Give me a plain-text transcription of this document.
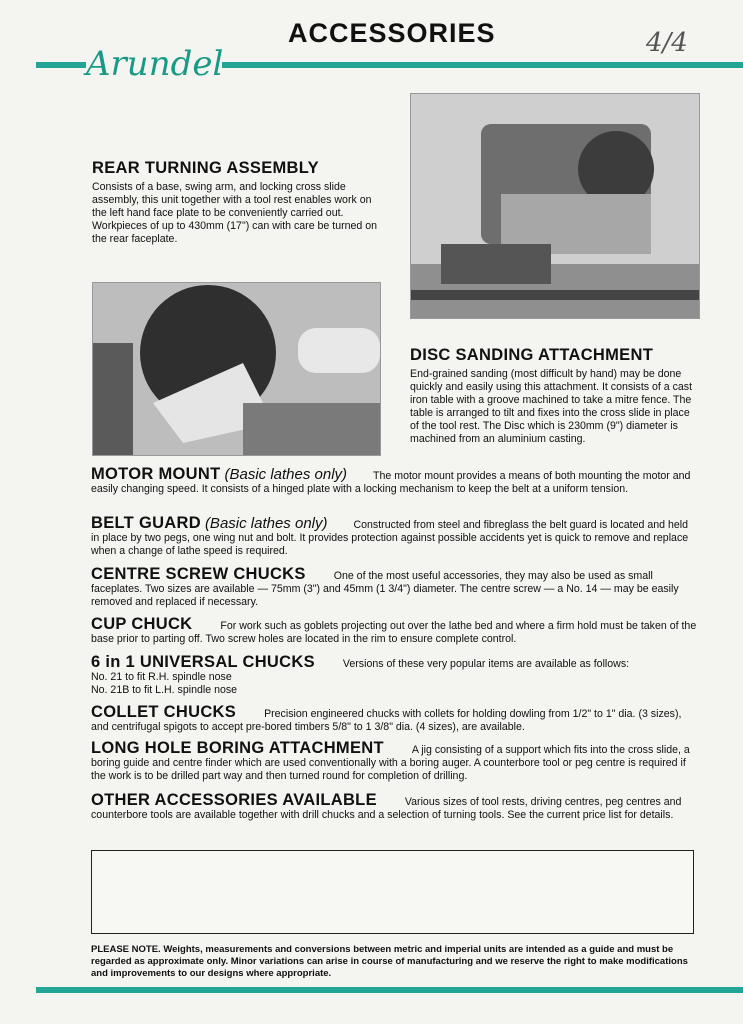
ACCESSORIES	4/4
Arundel
REAR TURNING ASSEMBLY
Consists of a base, swing arm, and locking cross slide assembly, this unit together with a tool rest enables work on the left hand face plate to be conveniently carried out. Workpieces of up to 430mm (17") can with care be turned on the rear faceplate.
DISC SANDING ATTACHMENT
End-grained sanding (most difficult by hand) may be done quickly and easily using this attachment. It consists of a cast iron table with a groove machined to take a mitre fence. The table is arranged to tilt and fixes into the cross slide in place of the tool rest. The Disc which is 230mm (9") diameter is machined from an aluminium casting.
MOTOR MOUNT (Basic lathes only) The motor mount provides a means of both mounting the motor and easily changing speed. It consists of a hinged plate with a locking mechanism to keep the belt at a uniform tension.
BELT GUARD (Basic lathes only) Constructed from steel and fibreglass the belt guard is located and held in place by two pegs, one wing nut and bolt. It provides protection against possible accidents yet is quick to remove and replace when a change of lathe speed is required.
CENTRE SCREW CHUCKS	One of the most useful accessories, they may also be used as small faceplates. Two sizes are available — 75mm (3") and 45mm (1 3/4") diameter. The centre screw — a No. 14 — may be easily removed and replaced if necessary.
CUP CHUCK	For work such as goblets projecting out over the lathe bed and where a firm hold must be taken of the base prior to parting off. Two screw holes are located in the rim to ensure complete control.
6 in 1 UNIVERSAL CHUCKS	Versions of these very popular items are available as follows:
No. 21 to fit R.H. spindle nose
No. 21B to fit L.H. spindle nose
COLLET CHUCKS	Precision engineered chucks with collets for holding dowling from 1/2" to 1" dia. (3 sizes), and centrifugal spigots to accept pre-bored timbers 5/8" to 1 3/8" dia. (4 sizes), are available.
LONG HOLE BORING ATTACHMENT	A jig consisting of a support which fits into the cross slide, a boring guide and centre finder which are used conventionally with a boring auger. A counterbore tool or peg centre is required if the work is to be drilled part way and then turned round for completion of drilling.
OTHER ACCESSORIES AVAILABLE	Various sizes of tool rests, driving centres, peg centres and counterbore tools are available together with drill chucks and a selection of turning tools. See the current price list for details.
PLEASE NOTE. Weights, measurements and conversions between metric and imperial units are intended as a guide and must be regarded as approximate only. Minor variations can arise in course of manufacturing and we reserve the right to make modifications and improvements to our designs where appropriate.
